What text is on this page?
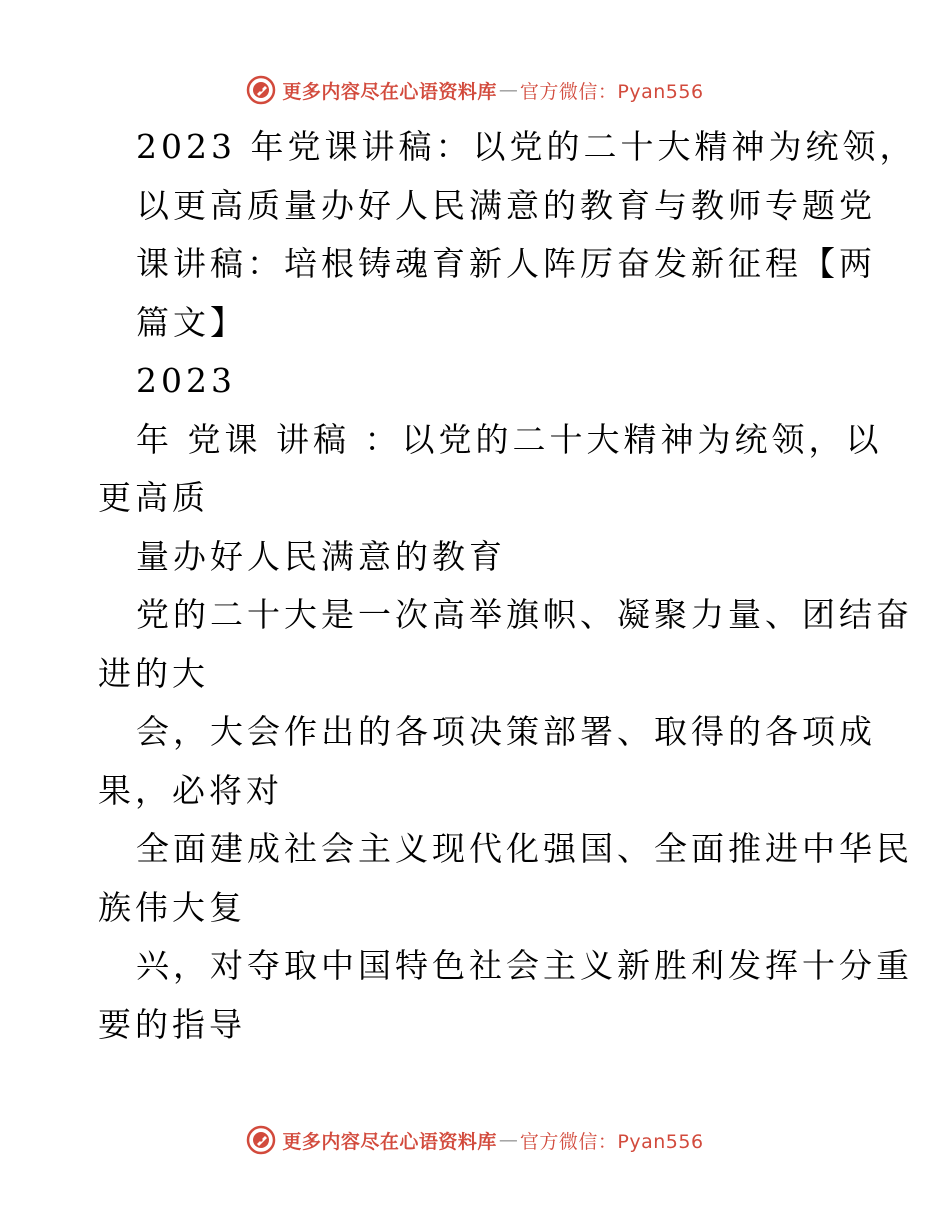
更多内容尽在心语资料库 — 官方微信：Pyan556
2023 年党课讲稿：以党的二十大精神为统领，
以更高质量办好人民满意的教育与教师专题党
课讲稿：培根铸魂育新人阵厉奋发新征程【两
篇文】
2023
年 党课 讲稿 ：以党的二十大精神为统领，以
更高质
量办好人民满意的教育
党的二十大是一次高举旗帜、凝聚力量、团结奋
进的大
会，大会作出的各项决策部署、取得的各项成
果，必将对
全面建成社会主义现代化强国、全面推进中华民
族伟大复
兴，对夺取中国特色社会主义新胜利发挥十分重
要的指导
更多内容尽在心语资料库 — 官方微信：Pyan556
